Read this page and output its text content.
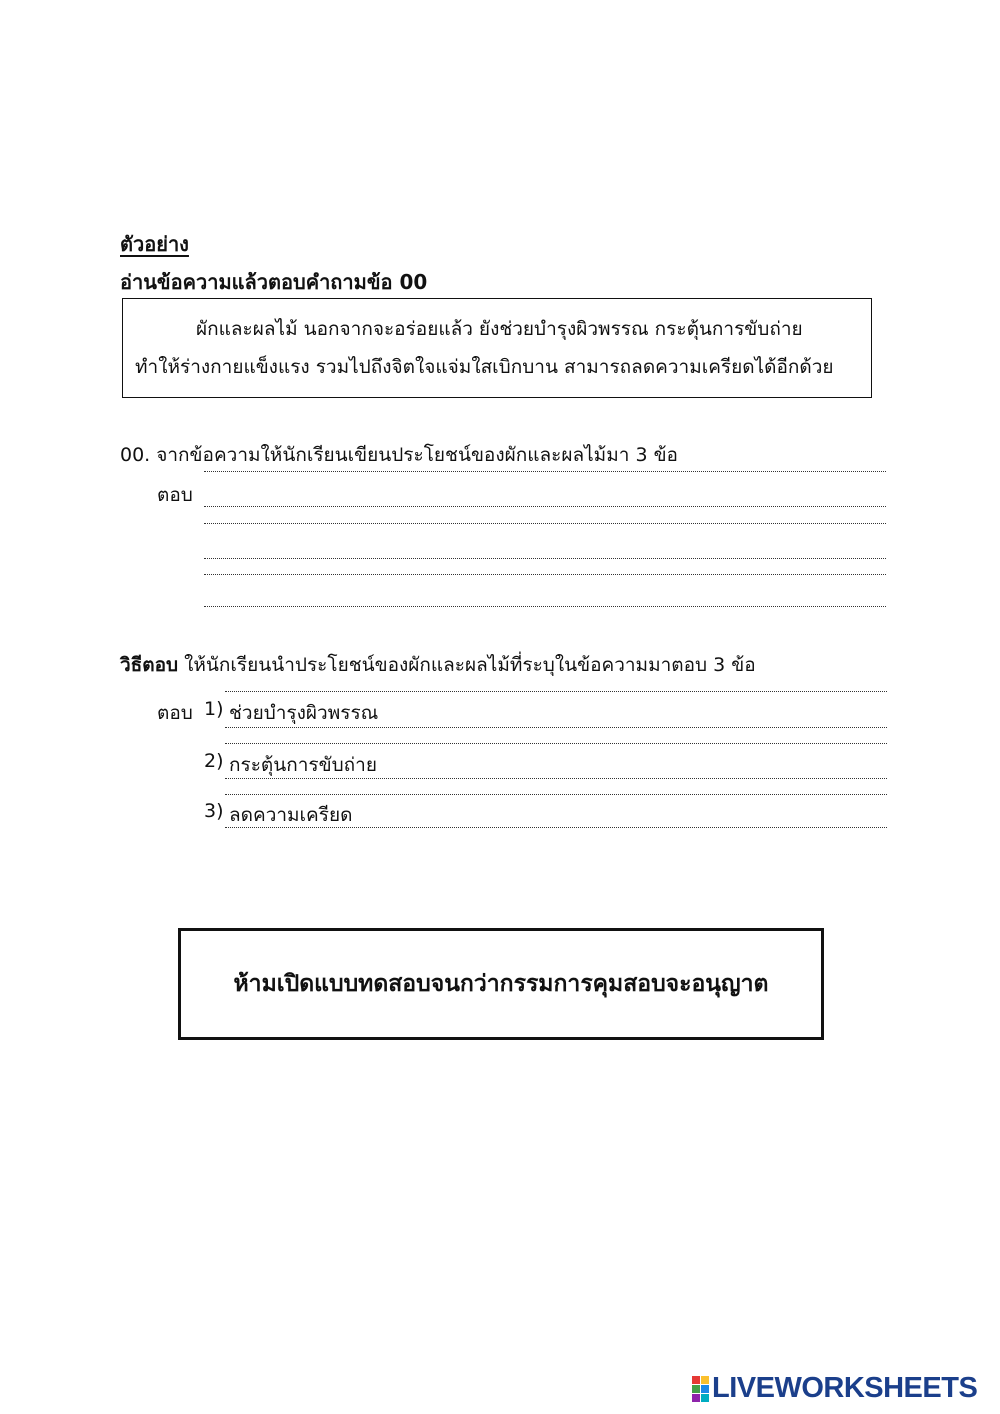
ตัวอย่าง
อ่านข้อความแล้วตอบคำถามข้อ 00
ผักและผลไม้ นอกจากจะอร่อยแล้ว ยังช่วยบำรุงผิวพรรณ กระตุ้นการขับถ่าย
ทำให้ร่างกายแข็งแรง รวมไปถึงจิตใจแจ่มใสเบิกบาน สามารถลดความเครียดได้อีกด้วย
00. จากข้อความให้นักเรียนเขียนประโยชน์ของผักและผลไม้มา 3 ข้อ
ตอบ
วิธีตอบ ให้นักเรียนนำประโยชน์ของผักและผลไม้ที่ระบุในข้อความมาตอบ 3 ข้อ
ตอบ 1) ช่วยบำรุงผิวพรรณ
2) กระตุ้นการขับถ่าย
3) ลดความเครียด
ห้ามเปิดแบบทดสอบจนกว่ากรรมการคุมสอบจะอนุญาต
LIVEWORKSHEETS
